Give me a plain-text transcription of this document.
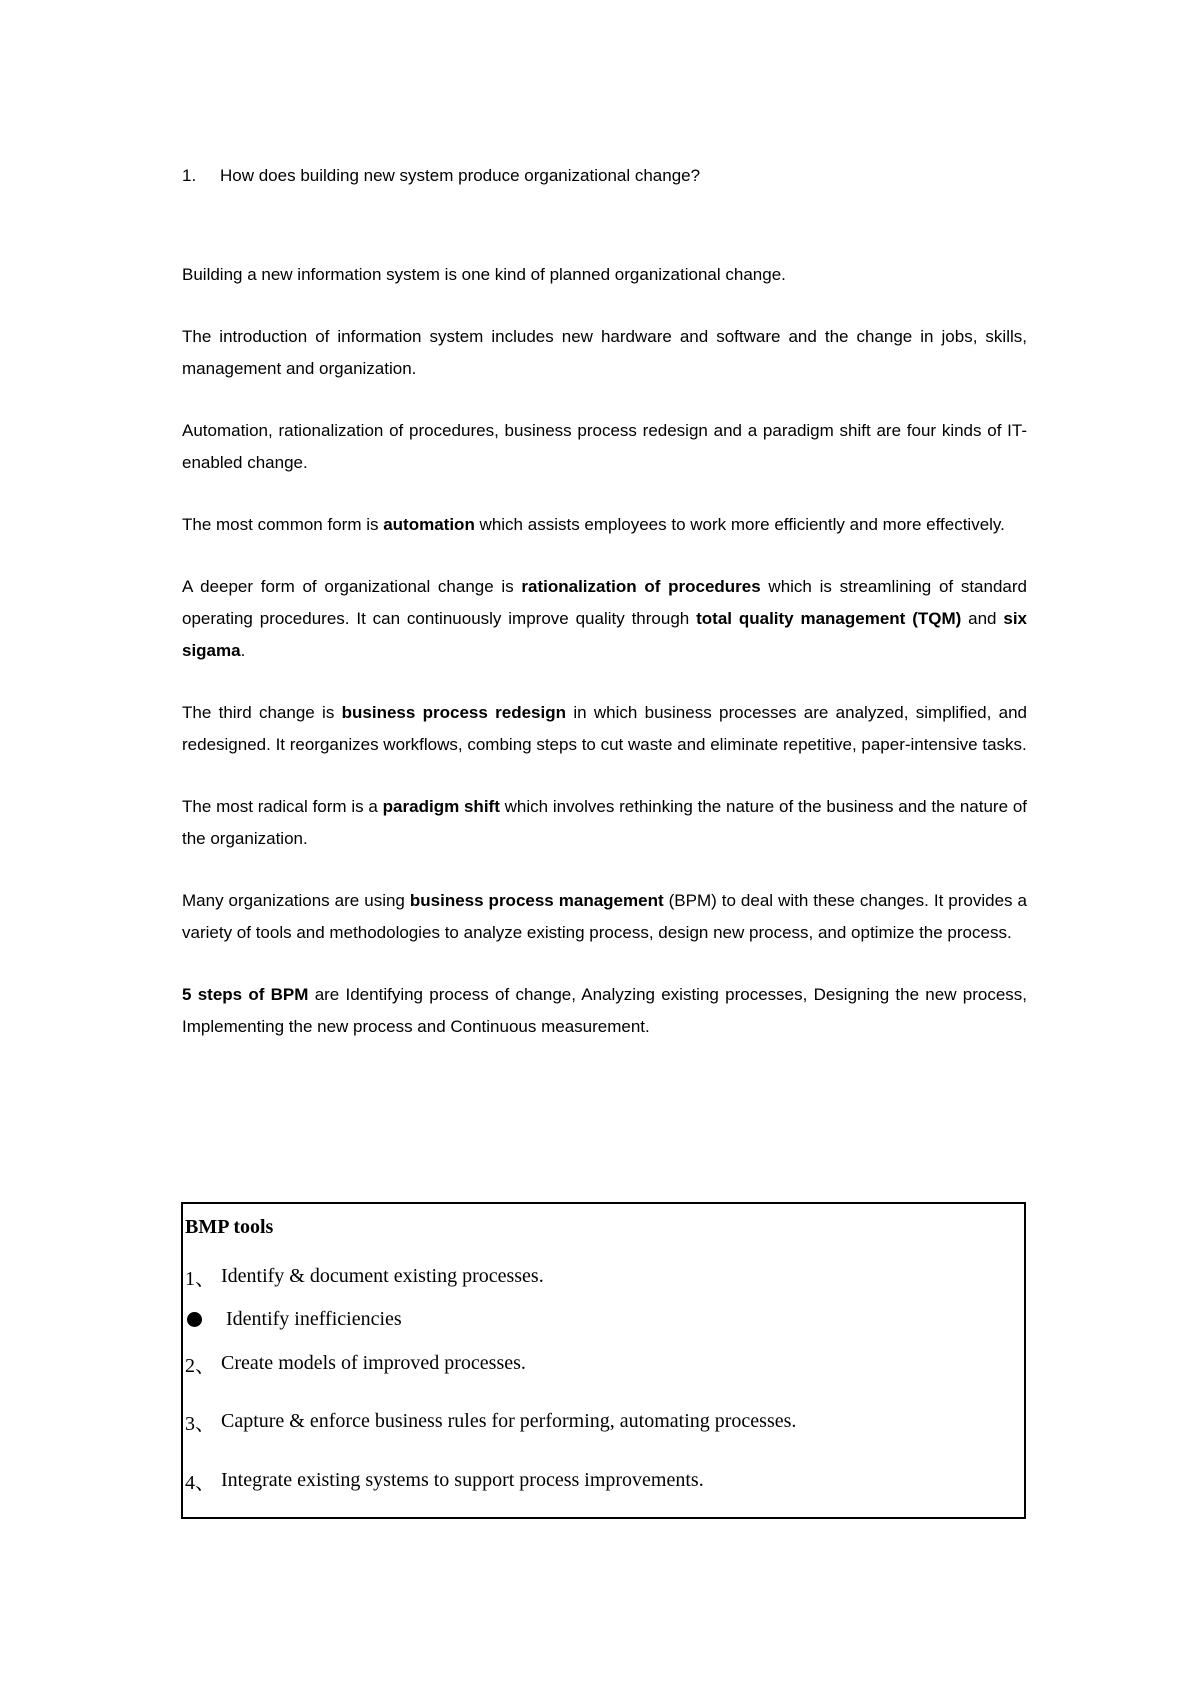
1.	How does building new system produce organizational change?

Building a new information system is one kind of planned organizational change.

The introduction of information system includes new hardware and software and the change in jobs, skills, management and organization.

Automation, rationalization of procedures, business process redesign and a paradigm shift are four kinds of IT-enabled change.

The most common form is automation which assists employees to work more efficiently and more effectively.

A deeper form of organizational change is rationalization of procedures which is streamlining of standard operating procedures. It can continuously improve quality through total quality management (TQM) and six sigama.

The third change is business process redesign in which business processes are analyzed, simplified, and redesigned. It reorganizes workflows, combing steps to cut waste and eliminate repetitive, paper-intensive tasks.

The most radical form is a paradigm shift which involves rethinking the nature of the business and the nature of the organization.

Many organizations are using business process management (BPM) to deal with these changes. It provides a variety of tools and methodologies to analyze existing process, design new process, and optimize the process.

5 steps of BPM are Identifying process of change, Analyzing existing processes, Designing the new process, Implementing the new process and Continuous measurement.

BMP tools
1、 Identify & document existing processes.
Identify inefficiencies
2、 Create models of improved processes.
3、 Capture & enforce business rules for performing, automating processes.
4、 Integrate existing systems to support process improvements.
